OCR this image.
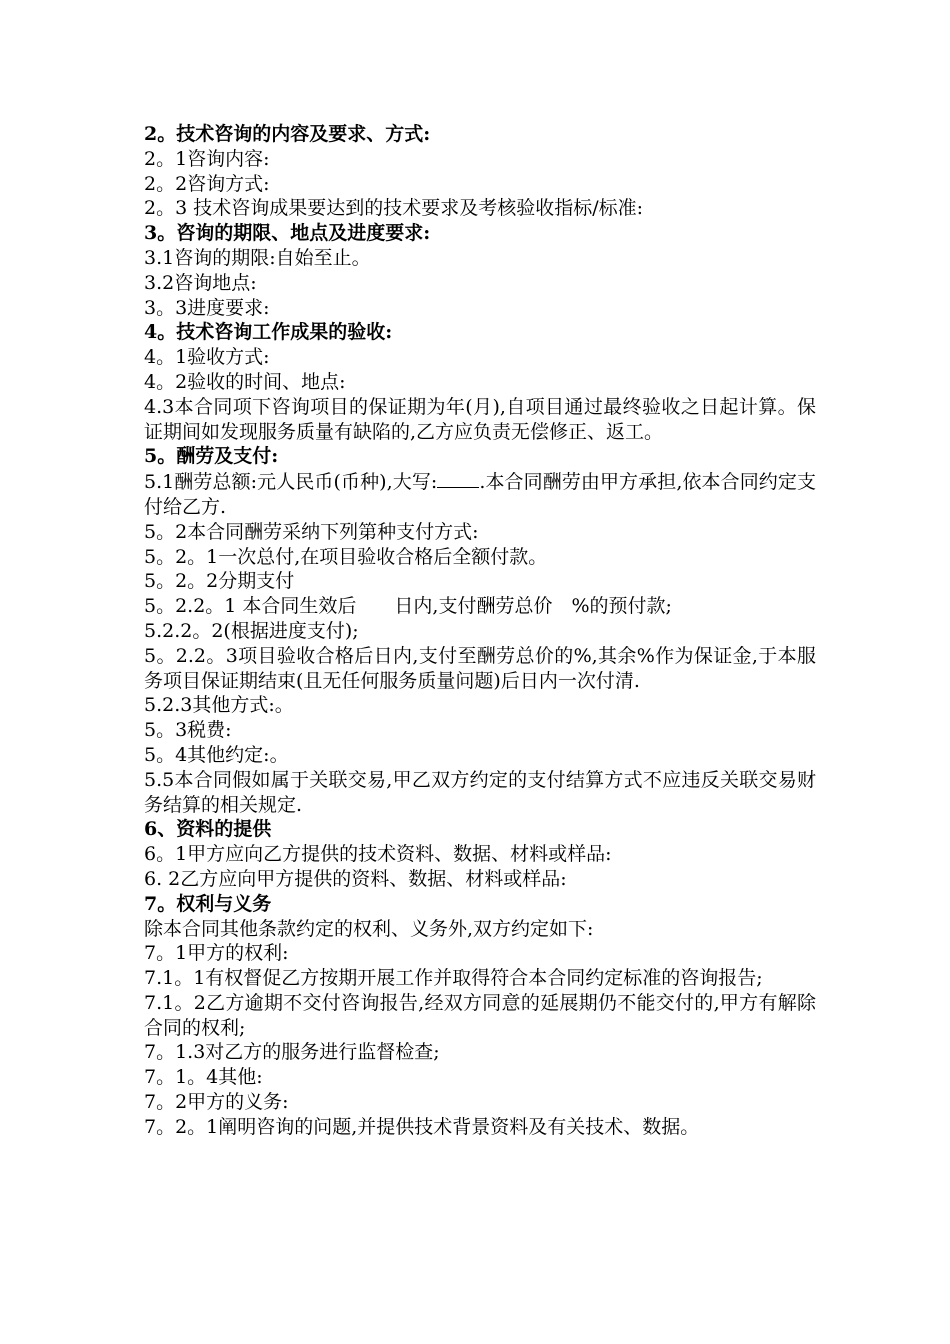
2。技术咨询的内容及要求、方式:
2。1咨询内容:
2。2咨询方式:
2。3 技术咨询成果要达到的技术要求及考核验收指标/标准:
3。咨询的期限、地点及进度要求:
3.1咨询的期限:自始至止。
3.2咨询地点:
3。3进度要求:
4。技术咨询工作成果的验收:
4。1验收方式:
4。2验收的时间、地点:
4.3本合同项下咨询项目的保证期为年(月),自项目通过最终验收之日起计算。保证期间如发现服务质量有缺陷的,乙方应负责无偿修正、返工。
5。酬劳及支付:
5.1酬劳总额:元人民币(币种),大写: .本合同酬劳由甲方承担,依本合同约定支付给乙方.
5。2本合同酬劳采纳下列第种支付方式:
5。2。1一次总付,在项目验收合格后全额付款。
5。2。2分期支付
5。2.2。1 本合同生效后　　日内,支付酬劳总价　%的预付款;
5.2.2。2(根据进度支付);
5。2.2。3项目验收合格后日内,支付至酬劳总价的%,其余%作为保证金,于本服务项目保证期结束(且无任何服务质量问题)后日内一次付清.
5.2.3其他方式:。
5。3税费:
5。4其他约定:。
5.5本合同假如属于关联交易,甲乙双方约定的支付结算方式不应违反关联交易财务结算的相关规定.
6、资料的提供
6。1甲方应向乙方提供的技术资料、数据、材料或样品:
6. 2乙方应向甲方提供的资料、数据、材料或样品:
7。权利与义务
除本合同其他条款约定的权利、义务外,双方约定如下:
7。1甲方的权利:
7.1。1有权督促乙方按期开展工作并取得符合本合同约定标准的咨询报告;
7.1。2乙方逾期不交付咨询报告,经双方同意的延展期仍不能交付的,甲方有解除合同的权利;
7。1.3对乙方的服务进行监督检查;
7。1。4其他:
7。2甲方的义务:
7。2。1阐明咨询的问题,并提供技术背景资料及有关技术、数据。
